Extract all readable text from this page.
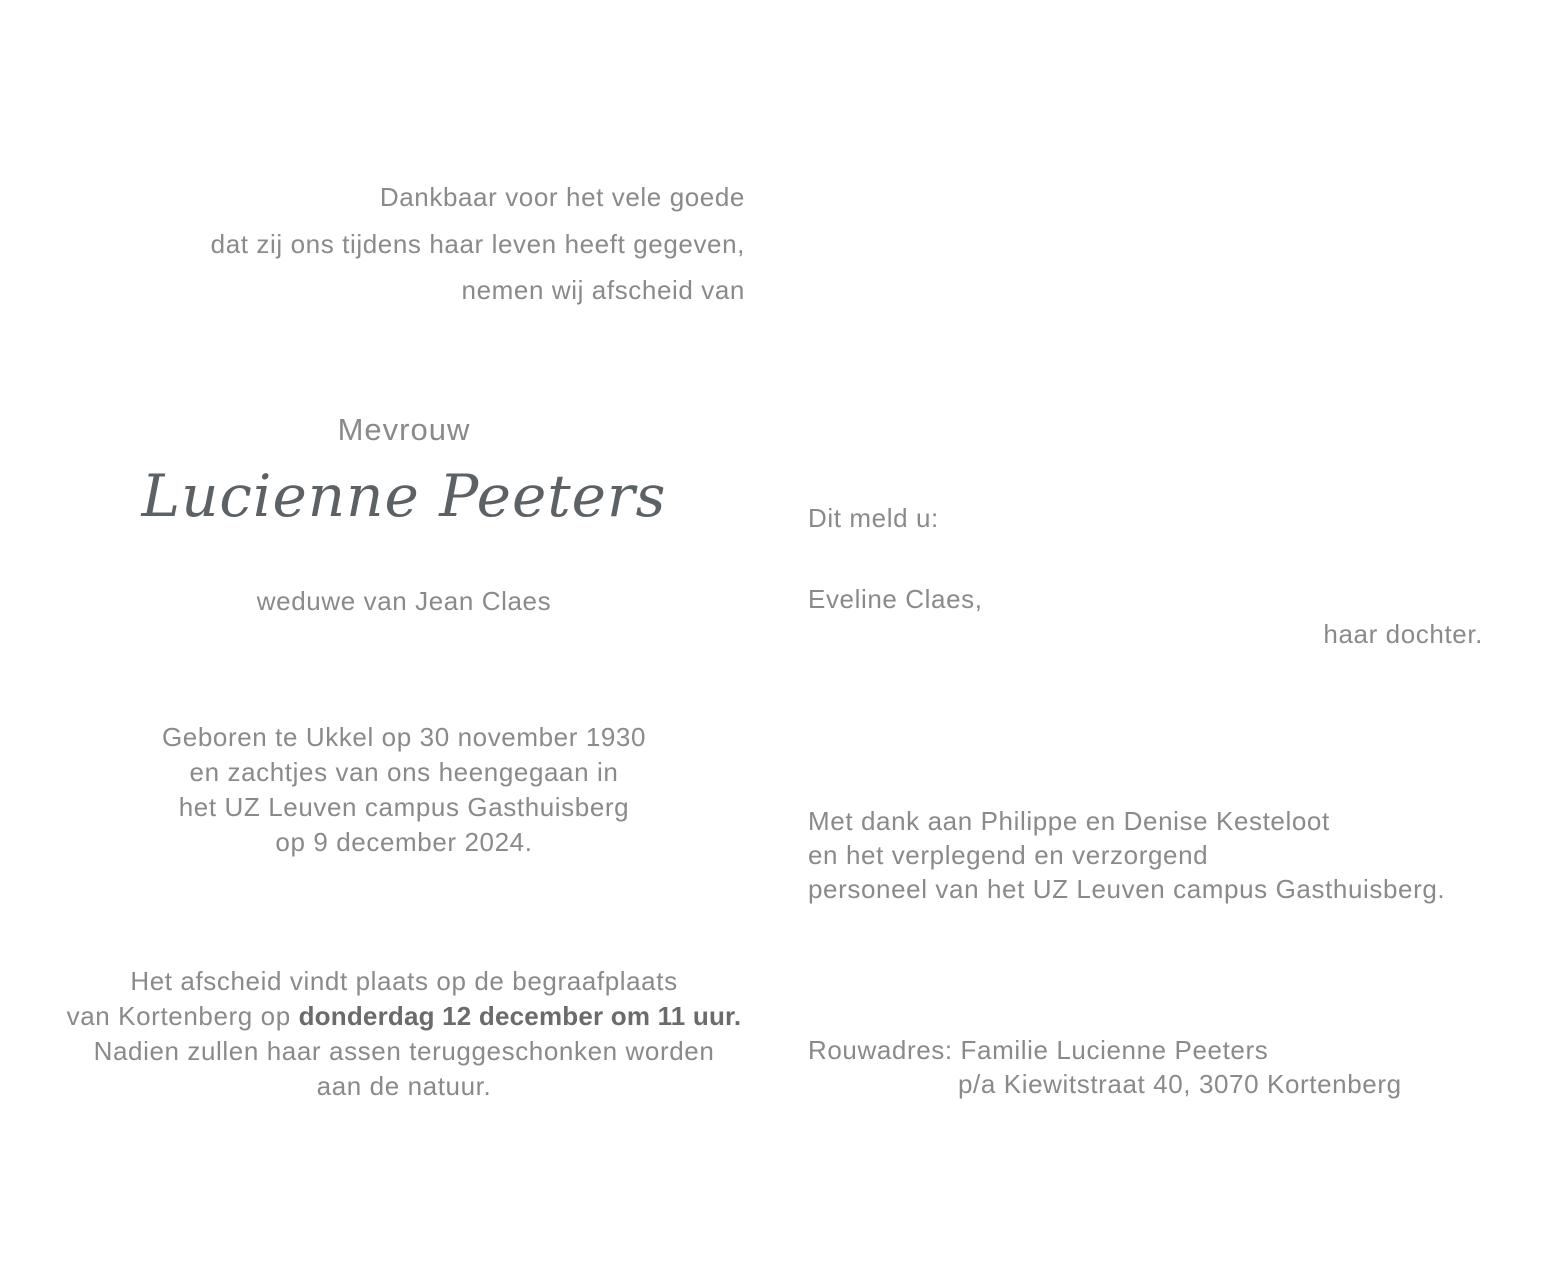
Dankbaar voor het vele goede
dat zij ons tijdens haar leven heeft gegeven,
nemen wij afscheid van
Mevrouw
Lucienne Peeters
weduwe van Jean Claes
Geboren te Ukkel op 30 november 1930
en zachtjes van ons heengegaan in
het UZ Leuven campus Gasthuisberg
op 9 december 2024.
Het afscheid vindt plaats op de begraafplaats
van Kortenberg op donderdag 12 december om 11 uur.
Nadien zullen haar assen teruggeschonken worden
aan de natuur.
Dit meld u:
Eveline Claes,
haar dochter.
Met dank aan Philippe en Denise Kesteloot
en het verplegend en verzorgend
personeel van het UZ Leuven campus Gasthuisberg.
Rouwadres: Familie Lucienne Peeters
p/a Kiewitstraat 40, 3070 Kortenberg
